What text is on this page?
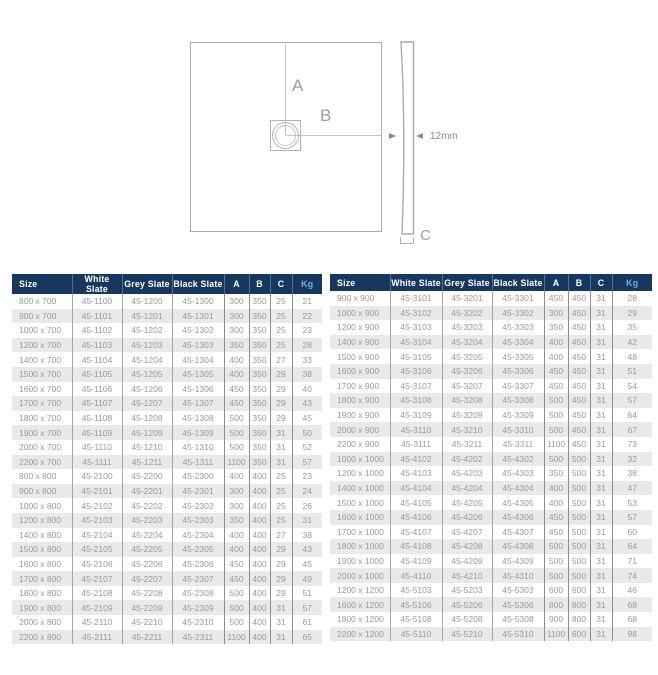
A
B
12mm
C
Size	White Slate	Grey Slate	Black Slate	A	B	C	Kg
800 x 700	45-1100	45-1200	45-1300	300	350	25	21
900 x 700	45-1101	45-1201	45-1301	300	350	25	22
1000 x 700	45-1102	45-1202	45-1302	300	350	25	23
1200 x 700	45-1103	45-1203	45-1303	350	350	25	28
1400 x 700	45-1104	45-1204	45-1304	400	350	27	33
1500 x 700	45-1105	45-1205	45-1305	400	350	29	38
1600 x 700	45-1106	45-1206	45-1306	450	350	29	40
1700 x 700	45-1107	45-1207	45-1307	450	350	29	43
1800 x 700	45-1108	45-1208	45-1308	500	350	29	45
1900 x 700	45-1109	45-1209	45-1309	500	350	31	50
2000 x 700	45-1110	45-1210	45-1310	500	350	31	52
2200 x 700	45-1111	45-1211	45-1311	1100	350	31	57
800 x 800	45-2100	45-2200	45-2300	400	400	25	23
900 x 800	45-2101	45-2201	45-2301	300	400	25	24
1000 x 800	45-2102	45-2202	45-2302	300	400	25	26
1200 x 800	45-2103	45-2203	45-2303	350	400	25	31
1400 x 800	45-2104	45-2204	45-2304	400	400	27	38
1500 x 800	45-2105	45-2205	45-2305	400	400	29	43
1600 x 800	45-2106	45-2206	45-2306	450	400	29	45
1700 x 800	45-2107	45-2207	45-2307	450	400	29	49
1800 x 800	45-2108	45-2208	45-2308	500	400	29	51
1900 x 800	45-2109	45-2209	45-2309	500	400	31	57
2000 x 800	45-2110	45-2210	45-2310	500	400	31	61
2200 x 800	45-2111	45-2211	45-2311	1100	400	31	65
Size	White Slate	Grey Slate	Black Slate	A	B	C	Kg
900 x 900	45-3101	45-3201	45-3301	450	450	31	28
1000 x 900	45-3102	45-3202	45-3302	300	450	31	29
1200 x 900	45-3103	45-3203	45-3303	350	450	31	35
1400 x 900	45-3104	45-3204	45-3304	400	450	31	42
1500 x 900	45-3105	45-3205	45-3305	400	450	31	48
1600 x 900	45-3106	45-3206	45-3306	450	450	31	51
1700 x 900	45-3107	45-3207	45-3307	450	450	31	54
1800 x 900	45-3108	45-3208	45-3308	500	450	31	57
1900 x 900	45-3109	45-3209	45-3309	500	450	31	64
2000 x 900	45-3110	45-3210	45-3310	500	450	31	67
2200 x 900	45-3111	45-3211	45-3311	1100	450	31	73
1000 x 1000	45-4102	45-4202	45-4302	500	500	31	32
1200 x 1000	45-4103	45-4203	45-4303	350	500	31	38
1400 x 1000	45-4104	45-4204	45-4304	400	500	31	47
1500 x 1000	45-4105	45-4205	45-4305	400	500	31	53
1600 x 1000	45-4106	45-4206	45-4306	450	500	31	57
1700 x 1000	45-4107	45-4207	45-4307	450	500	31	60
1800 x 1000	45-4108	45-4208	45-4308	500	500	31	64
1900 x 1000	45-4109	45-4209	45-4309	500	500	31	71
2000 x 1000	45-4110	45-4210	45-4310	500	500	31	74
1200 x 1200	45-5103	45-5203	45-5303	600	600	31	46
1600 x 1200	45-5106	45-5206	45-5306	800	800	31	68
1800 x 1200	45-5108	45-5208	45-5308	900	800	31	68
2200 x 1200	45-5110	45-5210	45-5310	1100	600	31	98
